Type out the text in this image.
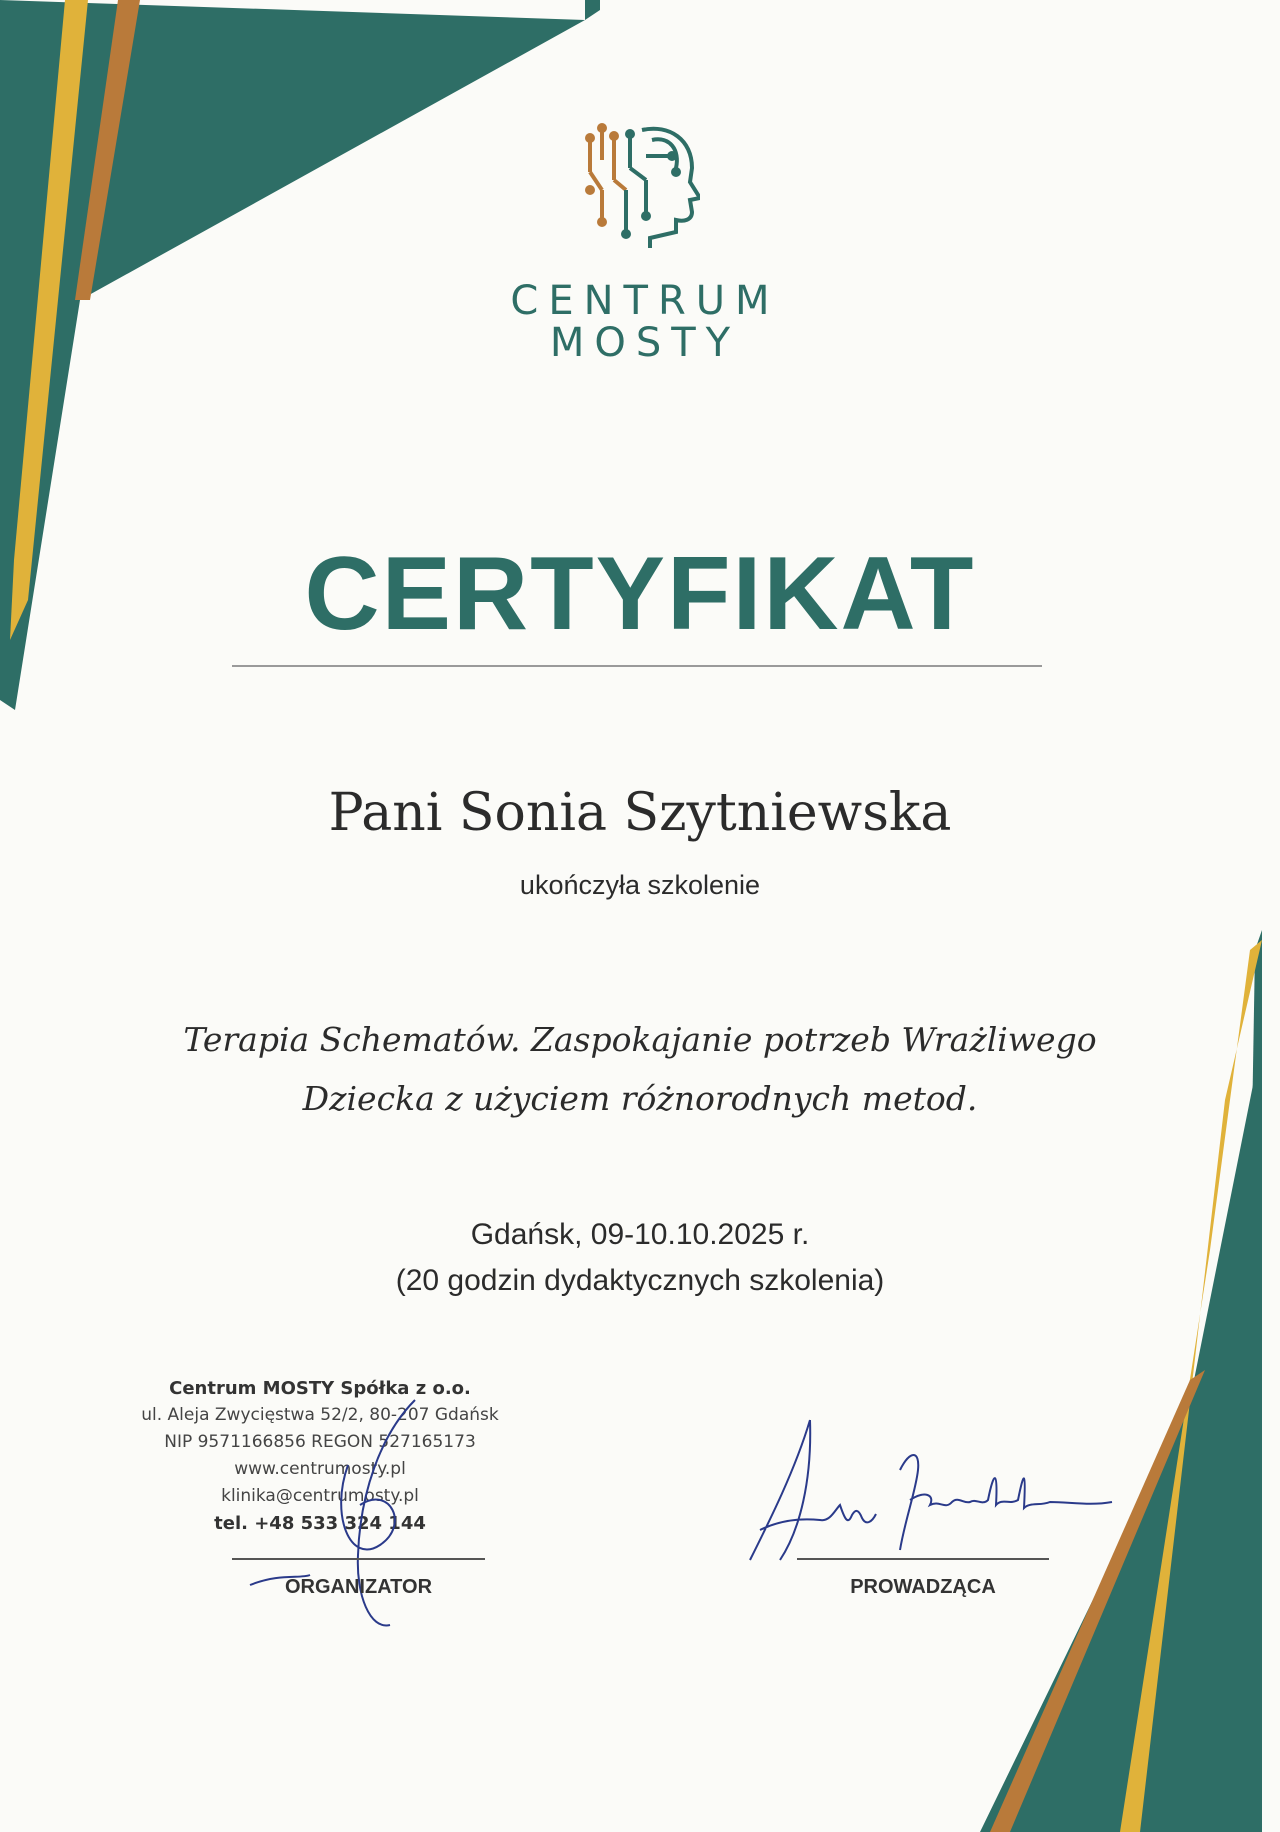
CENTRUM
MOSTY
CERTYFIKAT
Pani Sonia Szytniewska
ukończyła szkolenie
Terapia Schematów. Zaspokajanie potrzeb Wrażliwego
Dziecka z użyciem różnorodnych metod.
Gdańsk, 09-10.10.2025 r.
(20 godzin dydaktycznych szkolenia)
Centrum MOSTY Spółka z o.o.
ul. Aleja Zwycięstwa 52/2, 80-207 Gdańsk
NIP 9571166856 REGON 527165173
www.centrumosty.pl
klinika@centrumosty.pl
tel. +48 533 324 144
ORGANIZATOR	PROWADZĄCA
